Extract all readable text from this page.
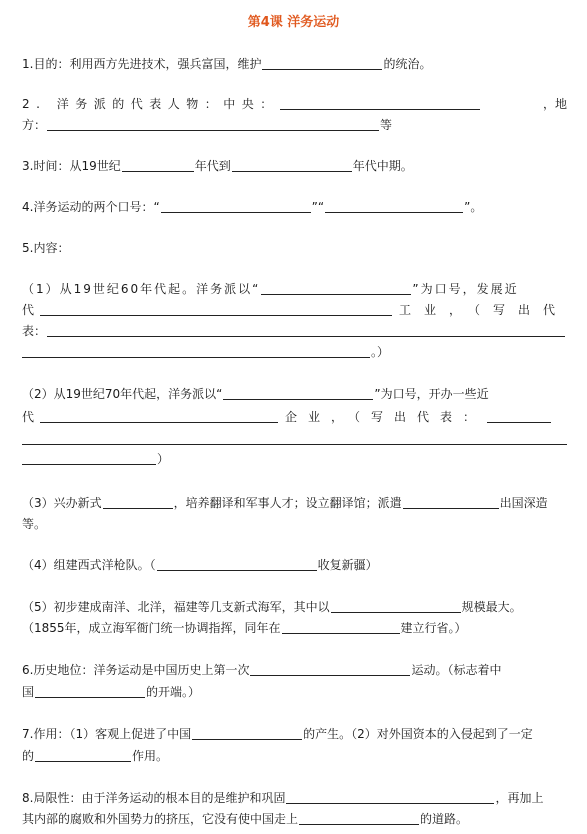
第4课 洋务运动
1.目的：利用西方先进技术，强兵富国，维护	的统治。
2. 洋务派的代表人物：中央：	，地
方：	等
3.时间：从19世纪	年代到	年代中期。
4.洋务运动的两个口号：“	”“	”。
5.内容：
（1）从19世纪60年代起。洋务派以“	”为口号，发展近
代	工业，（写出代
表：
。）
（2）从19世纪70年代起，洋务派以“	”为口号，开办一些近
代	企业，（写出代表：
）
（3）兴办新式	，培养翻译和军事人才；设立翻译馆；派遣	出国深造
等。
（4）组建西式洋枪队。（	收复新疆）
（5）初步建成南洋、北洋，福建等几支新式海军，其中以	规模最大。
（1855年，成立海军衙门统一协调指挥，同年在	建立行省。）
6.历史地位：洋务运动是中国历史上第一次	运动。（标志着中
国	的开端。）
7.作用：（1）客观上促进了中国	的产生。（2）对外国资本的入侵起到了一定
的	作用。
8.局限性：由于洋务运动的根本目的是维护和巩固	，再加上
其内部的腐败和外国势力的挤压，它没有使中国走上	的道路。
